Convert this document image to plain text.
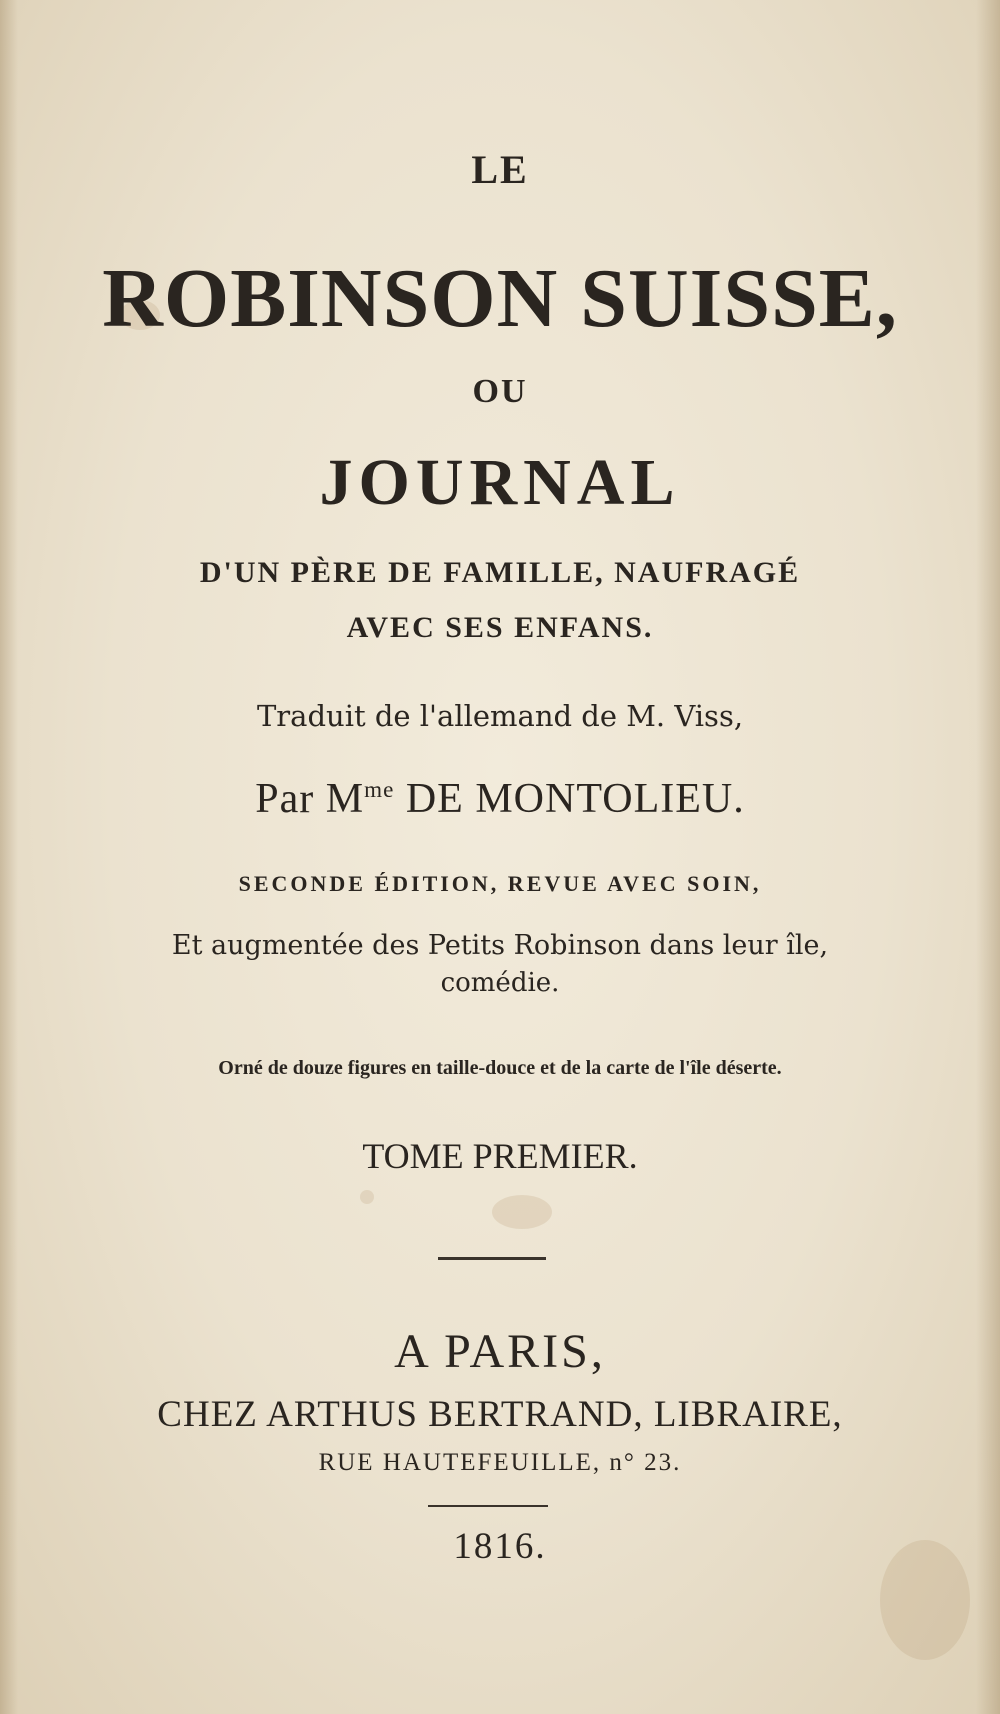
LE
ROBINSON SUISSE,
OU
JOURNAL
D'UN PÈRE DE FAMILLE, NAUFRAGÉ
AVEC SES ENFANS.
Traduit de l'allemand de M. Viss,
Par $M^{me}$ DE MONTOLIEU.
SECONDE ÉDITION, REVUE AVEC SOIN,
Et augmentée des Petits Robinson dans leur île,
comédie.
Orné de douze figures en taille-douce et de la carte de l'île déserte.
TOME PREMIER.
A PARIS,
CHEZ ARTHUS BERTRAND, LIBRAIRE,
RUE HAUTEFEUILLE, n° 23.
1816.
